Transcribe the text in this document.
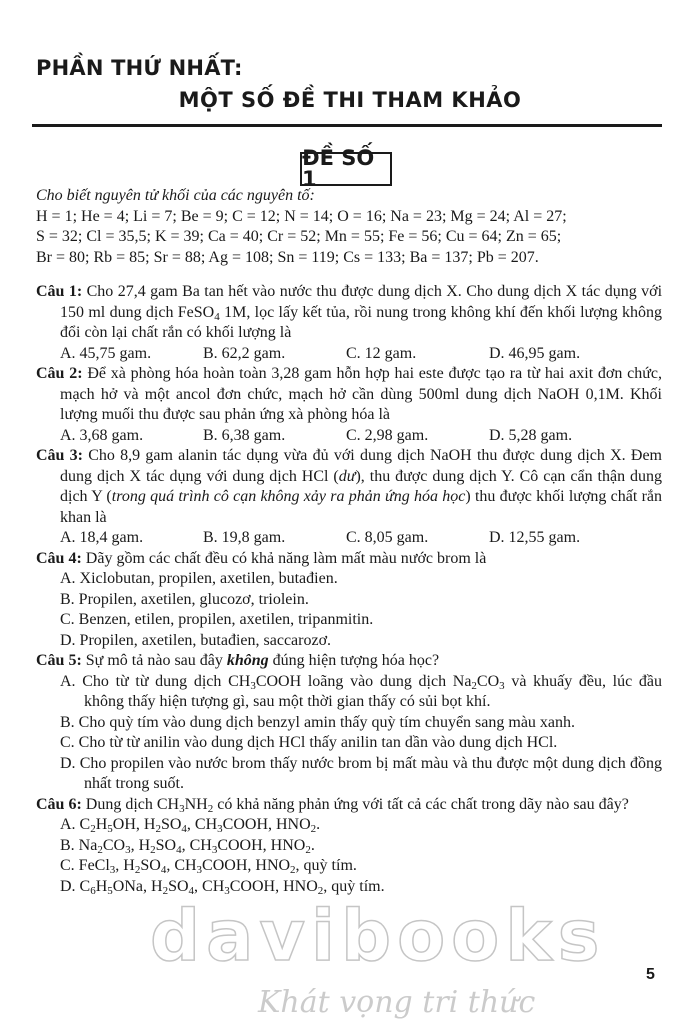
PHẦN THỨ NHẤT:
MỘT SỐ ĐỀ THI THAM KHẢO
ĐỀ SỐ 1

Cho biết nguyên tử khối của các nguyên tố:

H = 1; He = 4; Li = 7; Be = 9; C = 12; N = 14; O = 16; Na = 23; Mg = 24; Al = 27;

S = 32; Cl = 35,5; K = 39; Ca = 40; Cr = 52; Mn = 55; Fe = 56; Cu = 64; Zn = 65;

Br = 80; Rb = 85; Sr = 88; Ag = 108; Sn = 119; Cs = 133; Ba = 137; Pb = 207.

Câu 1: Cho 27,4 gam Ba tan hết vào nước thu được dung dịch X. Cho dung dịch X tác dụng với 150 ml dung dịch FeSO$_4$ 1M, lọc lấy kết tủa, rồi nung trong không khí đến khối lượng không đổi còn lại chất rắn có khối lượng là

A. 45,75 gam.	B. 62,2 gam.	C. 12 gam.	D. 46,95 gam.

Câu 2: Để xà phòng hóa hoàn toàn 3,28 gam hỗn hợp hai este được tạo ra từ hai axit đơn chức, mạch hở và một ancol đơn chức, mạch hở cần dùng 500ml dung dịch NaOH 0,1M. Khối lượng muối thu được sau phản ứng xà phòng hóa là

A. 3,68 gam.	B. 6,38 gam.	C. 2,98 gam.	D. 5,28 gam.

Câu 3: Cho 8,9 gam alanin tác dụng vừa đủ với dung dịch NaOH thu được dung dịch X. Đem dung dịch X tác dụng với dung dịch HCl (dư), thu được dung dịch Y. Cô cạn cẩn thận dung dịch Y (trong quá trình cô cạn không xảy ra phản ứng hóa học) thu được khối lượng chất rắn khan là

A. 18,4 gam.	B. 19,8 gam.	C. 8,05 gam.	D. 12,55 gam.

Câu 4: Dãy gồm các chất đều có khả năng làm mất màu nước brom là

A. Xiclobutan, propilen, axetilen, butađien.

B. Propilen, axetilen, glucozơ, triolein.

C. Benzen, etilen, propilen, axetilen, tripanmitin.

D. Propilen, axetilen, butađien, saccarozơ.

Câu 5: Sự mô tả nào sau đây không đúng hiện tượng hóa học?

A. Cho từ từ dung dịch $CH_3COOH$ loãng vào dung dịch $Na_2CO_3$ và khuấy đều, lúc đầu không thấy hiện tượng gì, sau một thời gian thấy có sủi bọt khí.

B. Cho quỳ tím vào dung dịch benzyl amin thấy quỳ tím chuyển sang màu xanh.

C. Cho từ từ anilin vào dung dịch HCl thấy anilin tan dần vào dung dịch HCl.

D. Cho propilen vào nước brom thấy nước brom bị mất màu và thu được một dung dịch đồng nhất trong suốt.

Câu 6: Dung dịch $CH_3NH_2$ có khả năng phản ứng với tất cả các chất trong dãy nào sau đây?

A. $C_2H_5OH$, $H_2SO_4$, $CH_3COOH$, $HNO_2$.

B. $Na_2CO_3$, $H_2SO_4$, $CH_3COOH$, $HNO_2$.

C. FeCl$_3$, $H_2SO_4$, $CH_3COOH$, $HNO_2$, quỳ tím.

D. $C_6H_5ONa$, $H_2SO_4$, $CH_3COOH$, $HNO_2$, quỳ tím.

davibooks
Khát vọng tri thức
5
